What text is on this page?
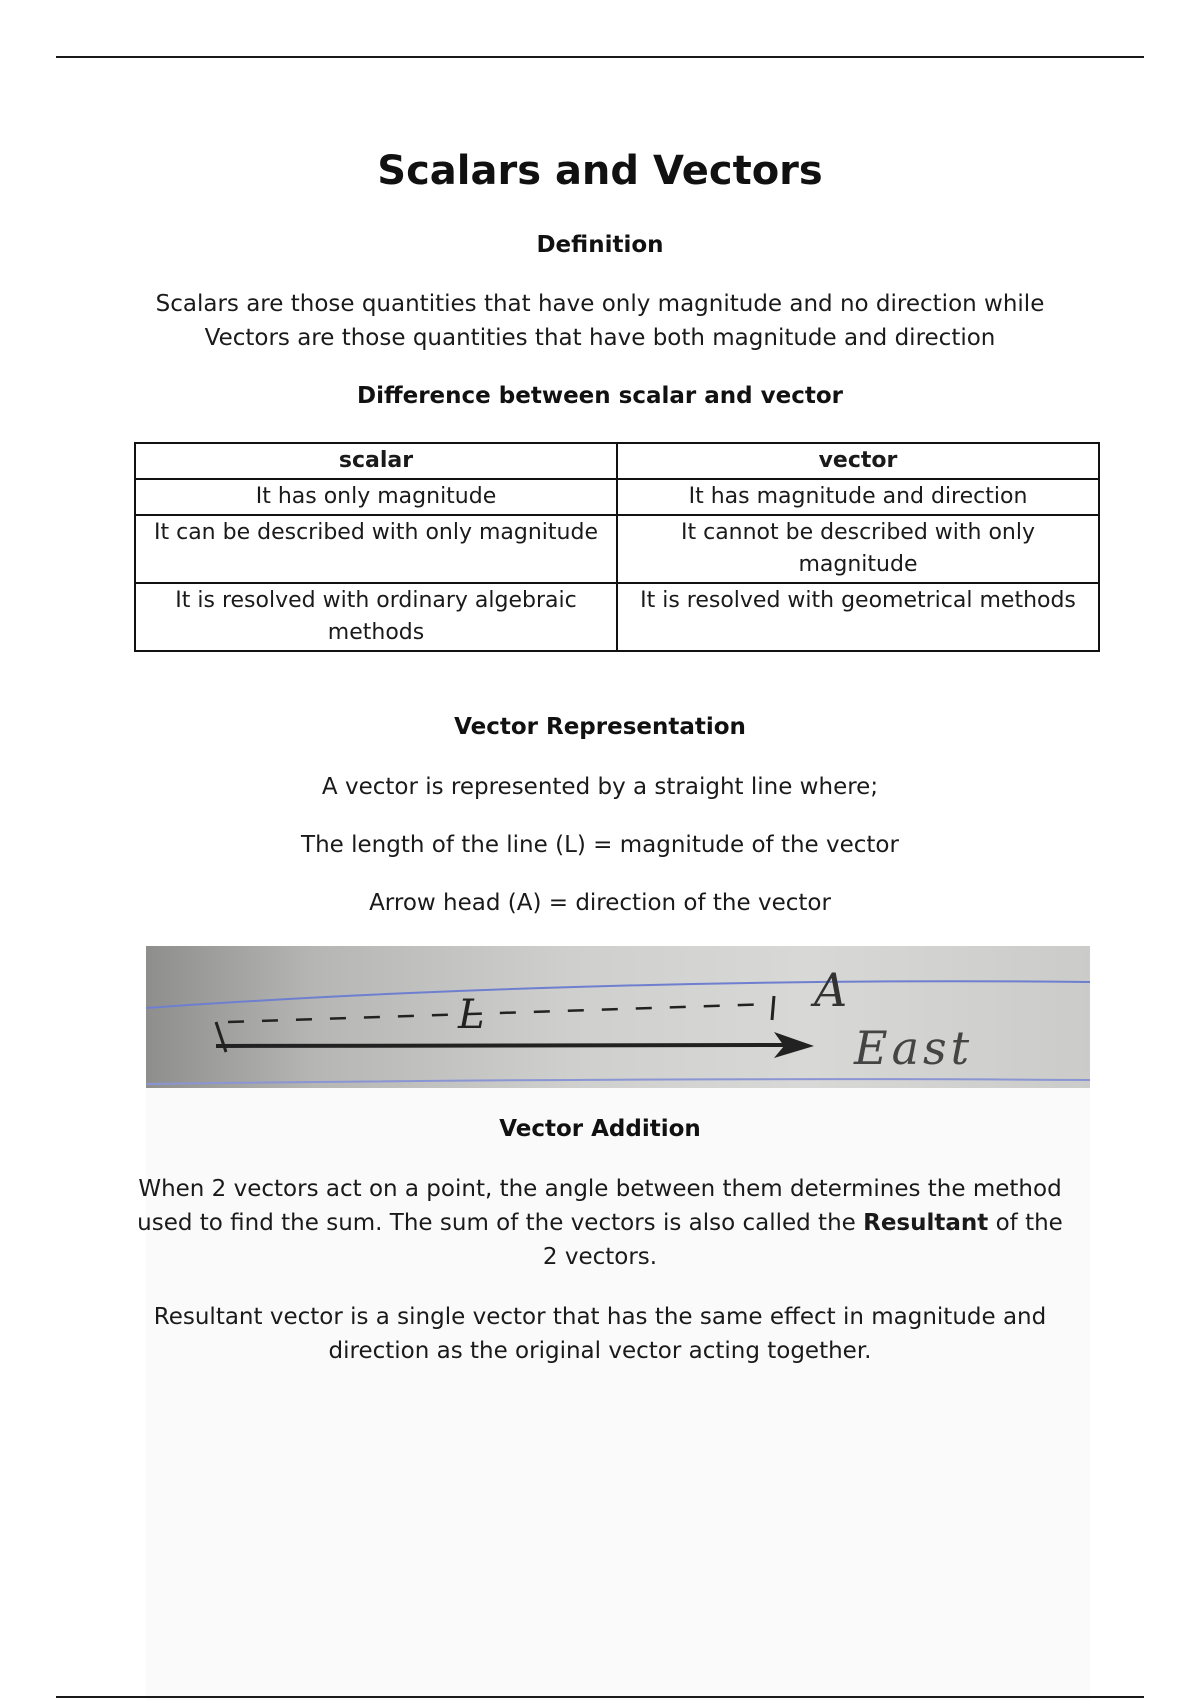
Scalars and Vectors
Definition
Scalars are those quantities that have only magnitude and no direction while Vectors are those quantities that have both magnitude and direction
Difference between scalar and vector
scalar	vector
It has only magnitude	It has magnitude and direction
It can be described with only magnitude	It cannot be described with only magnitude
It is resolved with ordinary algebraic methods	It is resolved with geometrical methods
Vector Representation
A vector is represented by a straight line where;
The length of the line (L) = magnitude of the vector
Arrow head (A) = direction of the vector
L	A
East
Vector Addition
When 2 vectors act on a point, the angle between them determines the method used to find the sum. The sum of the vectors is also called the Resultant of the 2 vectors.
Resultant vector is a single vector that has the same effect in magnitude and direction as the original vector acting together.
